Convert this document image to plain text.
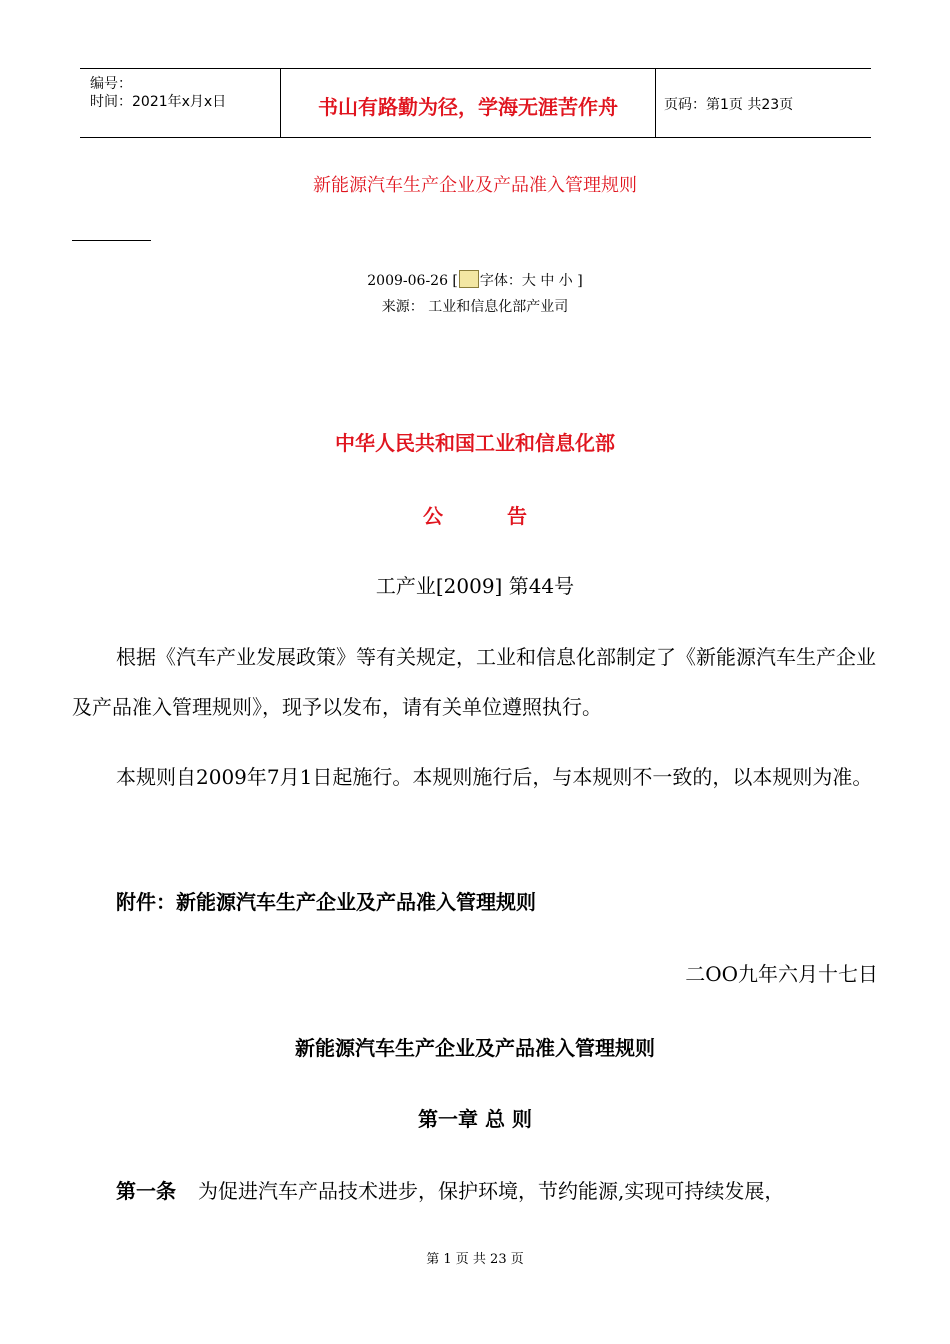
编号：
时间：2021年x月x日	书山有路勤为径，学海无涯苦作舟	页码：第1页 共23页
新能源汽车生产企业及产品准入管理规则
2009-06-26 [ 字体：大 中 小 ]
来源： 工业和信息化部产业司
中华人民共和国工业和信息化部
公告
工产业[2009] 第44号
根据《汽车产业发展政策》等有关规定，工业和信息化部制定了《新能源汽车生产企业及产品准入管理规则》，现予以发布，请有关单位遵照执行。
本规则自2009年7月1日起施行。本规则施行后，与本规则不一致的，以本规则为准。
附件：新能源汽车生产企业及产品准入管理规则
二OO九年六月十七日
新能源汽车生产企业及产品准入管理规则
第一章 总 则
第一条 为促进汽车产品技术进步，保护环境，节约能源,实现可持续发展，
第 1 页 共 23 页
